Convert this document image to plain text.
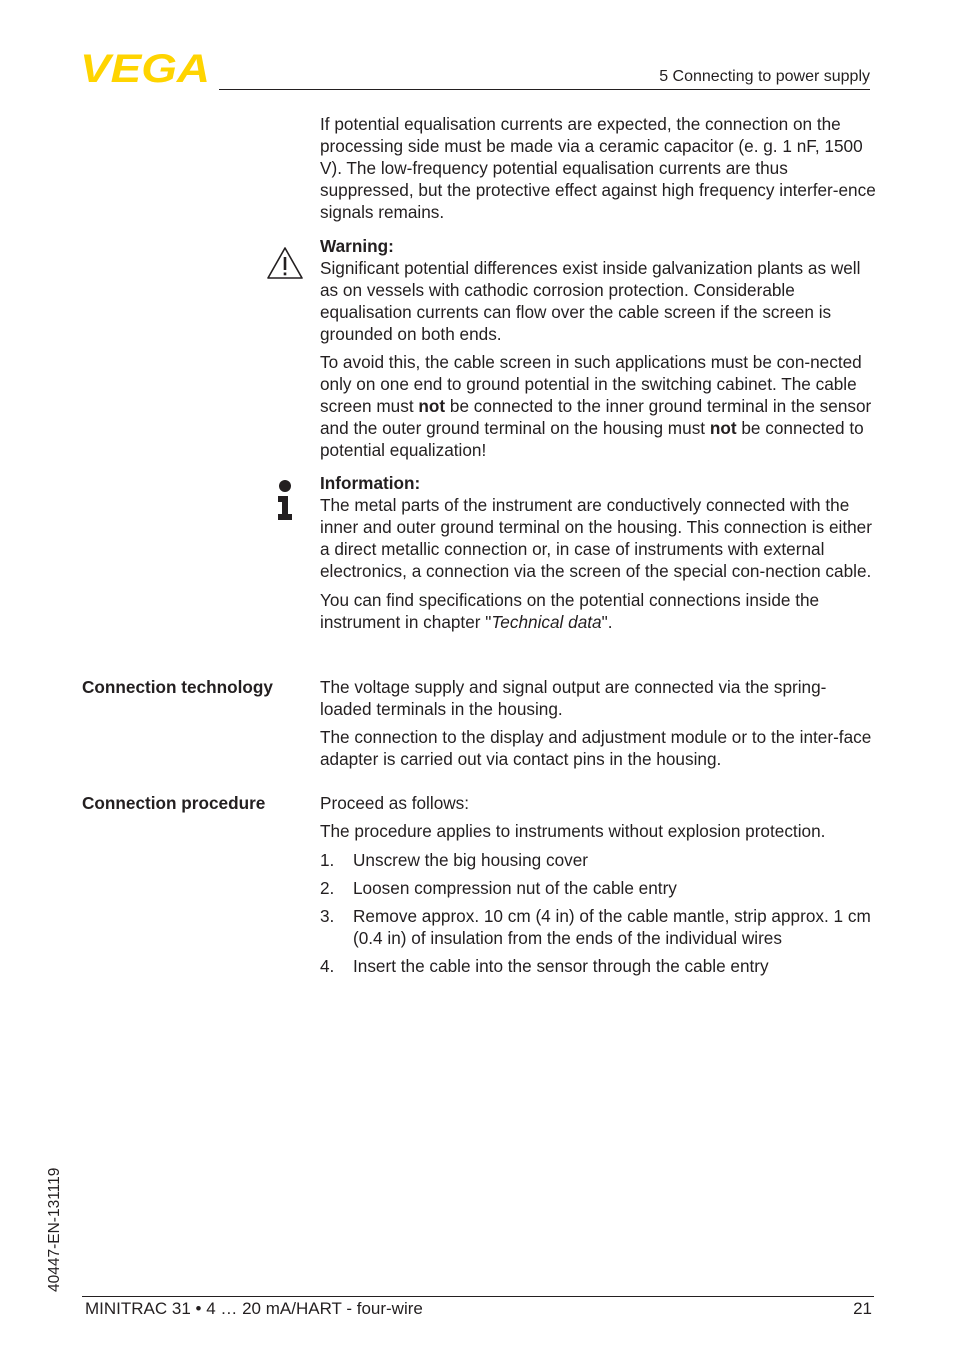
VEGA	5 Connecting to power supply

If potential equalisation currents are expected, the connection on the processing side must be made via a ceramic capacitor (e. g. 1 nF, 1500 V). The low-frequency potential equalisation currents are thus suppressed, but the protective effect against high frequency interfer-ence signals remains.

Warning:

Significant potential differences exist inside galvanization plants as well as on vessels with cathodic corrosion protection. Considerable equalisation currents can flow over the cable screen if the screen is grounded on both ends.

To avoid this, the cable screen in such applications must be con-nected only on one end to ground potential in the switching cabinet. The cable screen must not be connected to the inner ground terminal in the sensor and the outer ground terminal on the housing must not be connected to potential equalization!

Information:

The metal parts of the instrument are conductively connected with the inner and outer ground terminal on the housing. This connection is either a direct metallic connection or, in case of instruments with external electronics, a connection via the screen of the special con-nection cable.

You can find specifications on the potential connections inside the instrument in chapter "Technical data".

Connection technology	The voltage supply and signal output are connected via the spring-loaded terminals in the housing.

The connection to the display and adjustment module or to the inter-face adapter is carried out via contact pins in the housing.

Connection procedure	Proceed as follows:

The procedure applies to instruments without explosion protection.

1. Unscrew the big housing cover
2. Loosen compression nut of the cable entry
3. Remove approx. 10 cm (4 in) of the cable mantle, strip approx. 1 cm (0.4 in) of insulation from the ends of the individual wires
4. Insert the cable into the sensor through the cable entry
40447-EN-131119
MINITRAC 31 • 4 … 20 mA/HART - four-wire	21
